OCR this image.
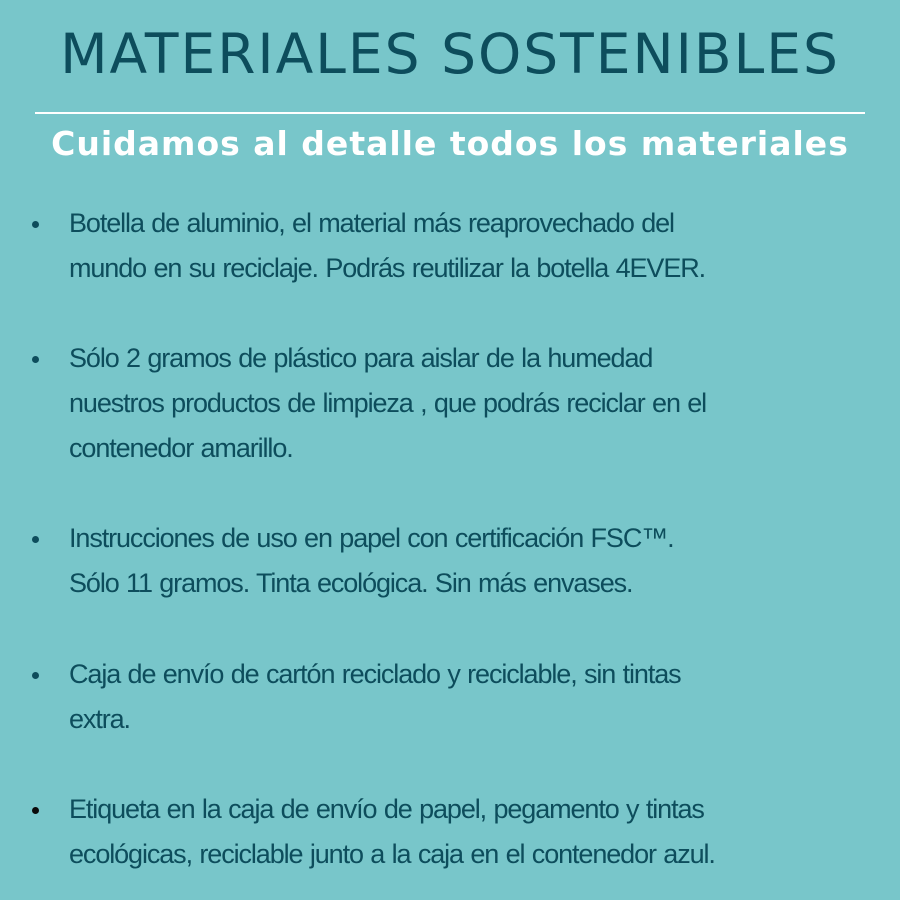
MATERIALES SOSTENIBLES
Cuidamos al detalle todos los materiales
Botella de aluminio, el material más reaprovechado del
mundo en su reciclaje. Podrás reutilizar la botella 4EVER.
Sólo 2 gramos de plástico para aislar de la humedad
nuestros productos de limpieza , que podrás reciclar en el
contenedor amarillo.
Instrucciones de uso en papel con certificación FSC™.
Sólo 11 gramos. Tinta ecológica. Sin más envases.
Caja de envío de cartón reciclado y reciclable, sin tintas
extra.
Etiqueta en la caja de envío de papel, pegamento y tintas
ecológicas, reciclable junto a la caja en el contenedor azul.
